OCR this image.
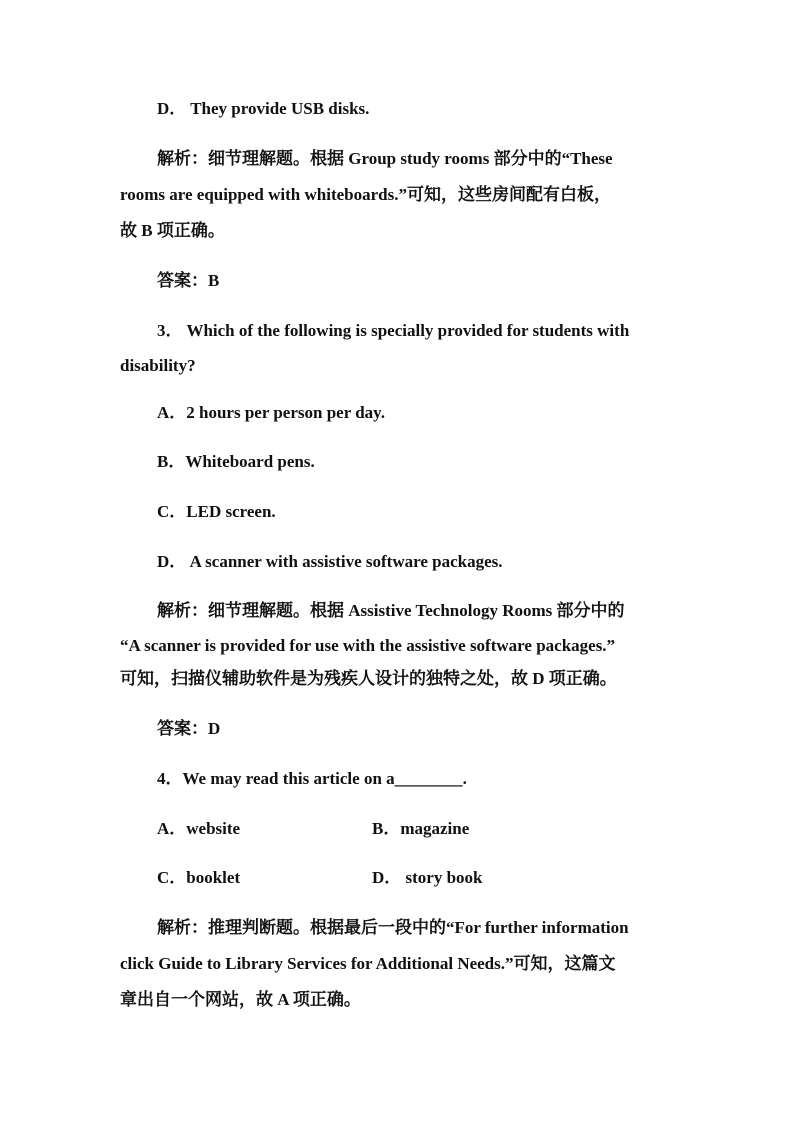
D． They provide USB disks.
解析：细节理解题。根据 Group study rooms 部分中的“These
rooms are equipped with whiteboards.”可知，这些房间配有白板，
故 B 项正确。
答案：B
3． Which of the following is specially provided for students with
disability?
A．2 hours per person per day.
B．Whiteboard pens.
C．LED screen.
D． A scanner with assistive software packages.
解析：细节理解题。根据 Assistive Technology Rooms 部分中的
“A scanner is provided for use with the assistive software packages.”
可知，扫描仪辅助软件是为残疾人设计的独特之处，故 D 项正确。
答案：D
4．We may read this article on a________.
A．website	B．magazine
C．booklet	D． story book
解析：推理判断题。根据最后一段中的“For further information
click Guide to Library Services for Additional Needs.”可知，这篇文
章出自一个网站，故 A 项正确。
